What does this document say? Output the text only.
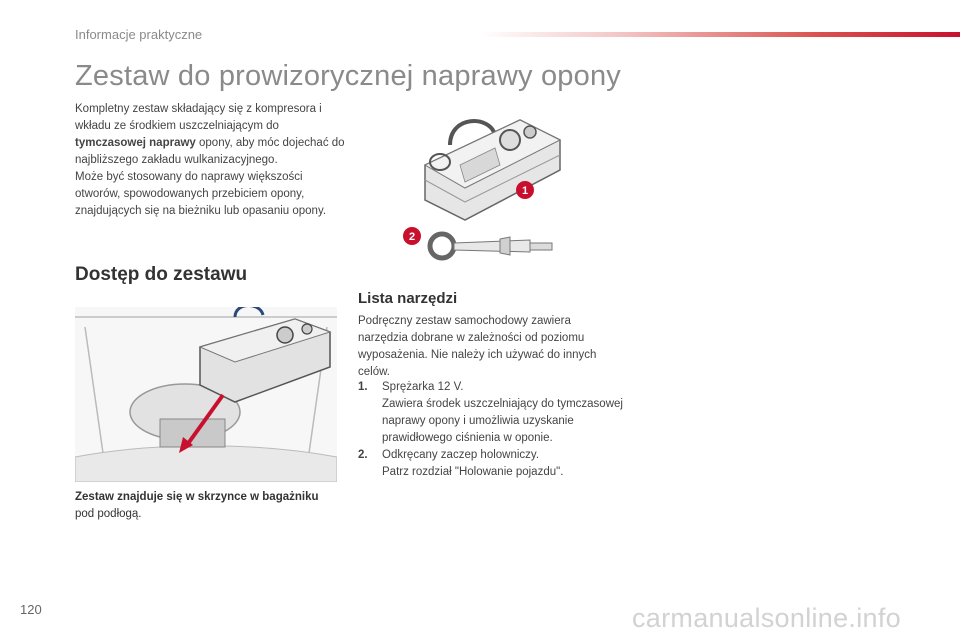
Informacje praktyczne
Zestaw do prowizorycznej naprawy opony
Kompletny zestaw składający się z kompresora i wkładu ze środkiem uszczelniającym do tymczasowej naprawy opony, aby móc dojechać do najbliższego zakładu wulkanizacyjnego.
Może być stosowany do naprawy większości otworów, spowodowanych przebiciem opony, znajdujących się na bieżniku lub opasaniu opony.
1
2
Dostęp do zestawu
Zestaw znajduje się w skrzynce w bagażniku
pod podłogą.
Lista narzędzi
Podręczny zestaw samochodowy zawiera narzędzia dobrane w zależności od poziomu wyposażenia. Nie należy ich używać do innych celów.
1.	Sprężarka 12 V.
Zawiera środek uszczelniający do tymczasowej naprawy opony i umożliwia uzyskanie prawidłowego ciśnienia w oponie.
2.	Odkręcany zaczep holowniczy.
Patrz rozdział "Holowanie pojazdu".
120	carmanualsonline.info
